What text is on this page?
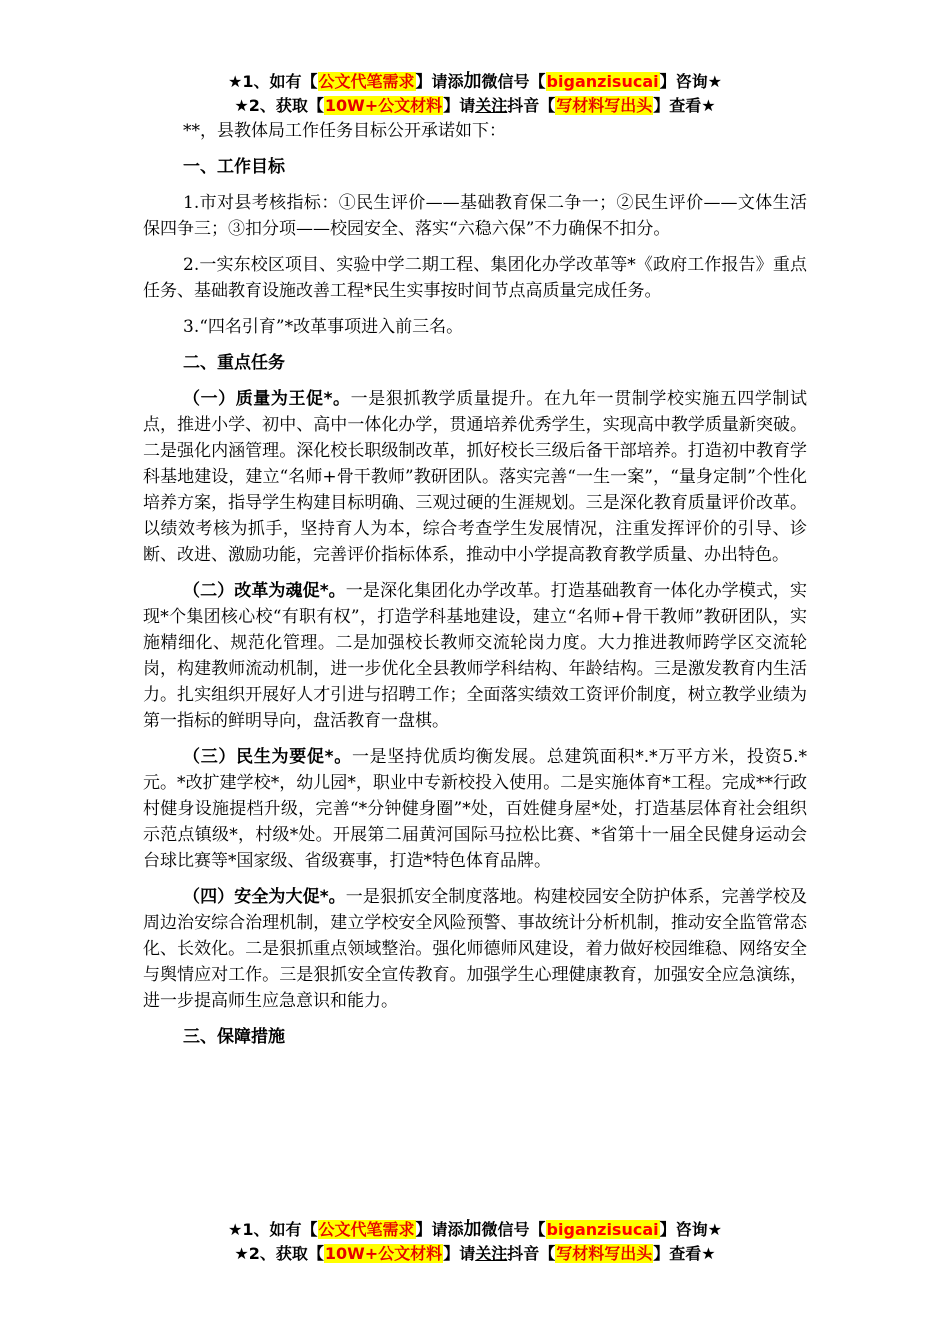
★1、如有【公文代笔需求】请添加微信号【biganzisucai】咨询★
★2、获取【10W+公文材料】请关注抖音【写材料写出头】查看★

**，县教体局工作任务目标公开承诺如下：

一、工作目标

1.市对县考核指标：①民生评价——基础教育保二争一；②民生评价——文体生活保四争三；③扣分项——校园安全、落实“六稳六保”不力确保不扣分。

2.一实东校区项目、实验中学二期工程、集团化办学改革等*《政府工作报告》重点任务、基础教育设施改善工程*民生实事按时间节点高质量完成任务。

3.“四名引育”*改革事项进入前三名。

二、重点任务

（一）质量为王促*。一是狠抓教学质量提升。在九年一贯制学校实施五四学制试点，推进小学、初中、高中一体化办学，贯通培养优秀学生，实现高中教学质量新突破。二是强化内涵管理。深化校长职级制改革，抓好校长三级后备干部培养。打造初中教育学科基地建设，建立“名师+骨干教师”教研团队。落实完善“一生一案”，“量身定制”个性化培养方案，指导学生构建目标明确、三观过硬的生涯规划。三是深化教育质量评价改革。以绩效考核为抓手，坚持育人为本，综合考查学生发展情况，注重发挥评价的引导、诊断、改进、激励功能，完善评价指标体系，推动中小学提高教育教学质量、办出特色。

（二）改革为魂促*。一是深化集团化办学改革。打造基础教育一体化办学模式，实现*个集团核心校“有职有权”，打造学科基地建设，建立“名师+骨干教师”教研团队，实施精细化、规范化管理。二是加强校长教师交流轮岗力度。大力推进教师跨学区交流轮岗，构建教师流动机制，进一步优化全县教师学科结构、年龄结构。三是激发教育内生活力。扎实组织开展好人才引进与招聘工作；全面落实绩效工资评价制度，树立教学业绩为第一指标的鲜明导向，盘活教育一盘棋。

（三）民生为要促*。一是坚持优质均衡发展。总建筑面积*.*万平方米，投资5.*元。*改扩建学校*，幼儿园*，职业中专新校投入使用。二是实施体育*工程。完成**行政村健身设施提档升级，完善“*分钟健身圈”*处，百姓健身屋*处，打造基层体育社会组织示范点镇级*，村级*处。开展第二届黄河国际马拉松比赛、*省第十一届全民健身运动会台球比赛等*国家级、省级赛事，打造*特色体育品牌。

（四）安全为大促*。一是狠抓安全制度落地。构建校园安全防护体系，完善学校及周边治安综合治理机制，建立学校安全风险预警、事故统计分析机制，推动安全监管常态化、长效化。二是狠抓重点领域整治。强化师德师风建设，着力做好校园维稳、网络安全与舆情应对工作。三是狠抓安全宣传教育。加强学生心理健康教育，加强安全应急演练，进一步提高师生应急意识和能力。

三、保障措施

★1、如有【公文代笔需求】请添加微信号【biganzisucai】咨询★
★2、获取【10W+公文材料】请关注抖音【写材料写出头】查看★
